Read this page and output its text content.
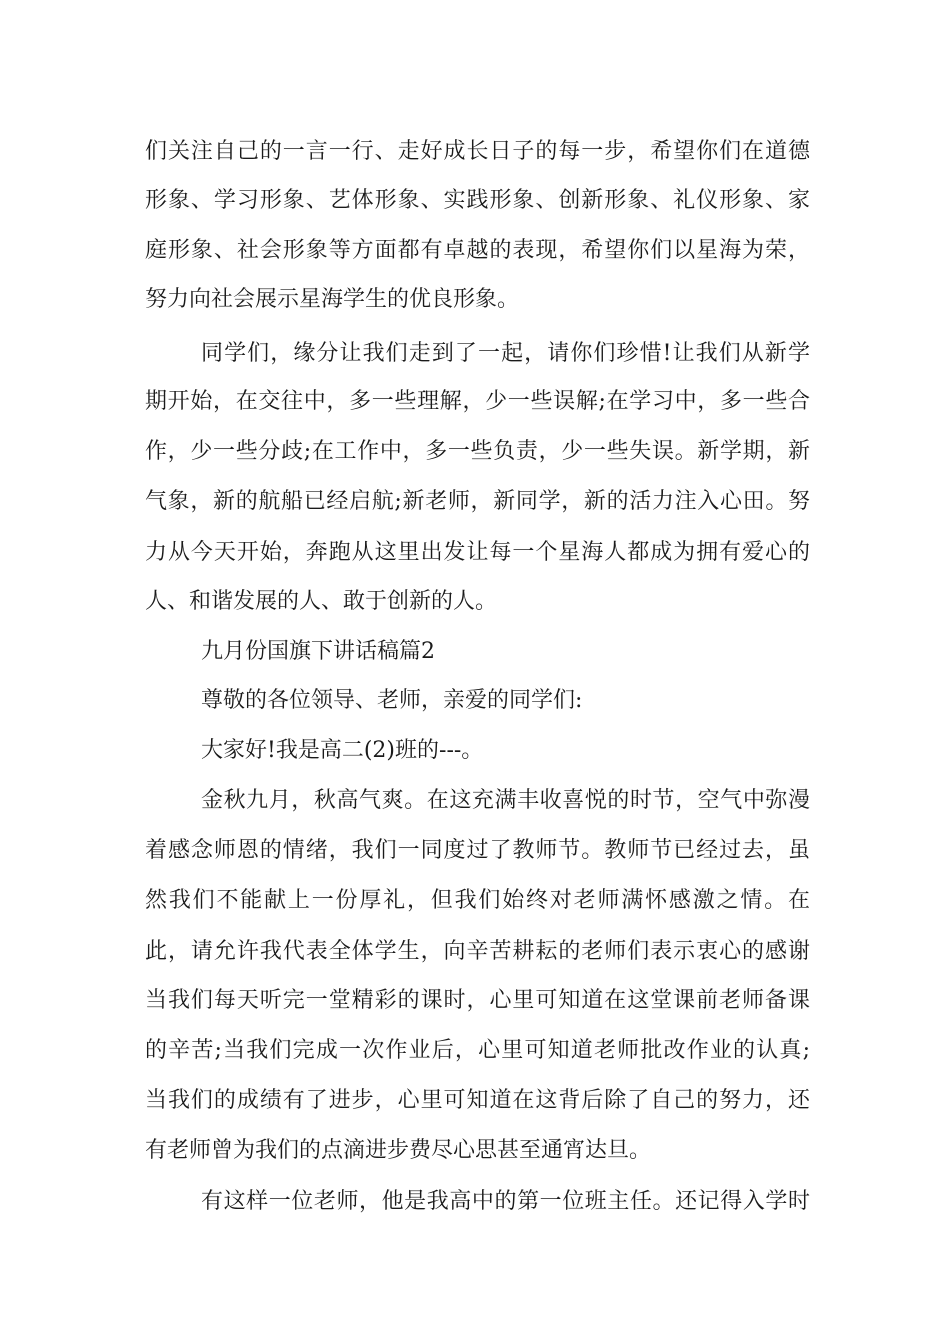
们关注自己的一言一行、走好成长日子的每一步，希望你们在道德
形象、学习形象、艺体形象、实践形象、创新形象、礼仪形象、家
庭形象、社会形象等方面都有卓越的表现，希望你们以星海为荣，
努力向社会展示星海学生的优良形象。
同学们，缘分让我们走到了一起，请你们珍惜!让我们从新学
期开始，在交往中，多一些理解，少一些误解;在学习中，多一些合
作，少一些分歧;在工作中，多一些负责，少一些失误。新学期，新
气象，新的航船已经启航;新老师，新同学，新的活力注入心田。努
力从今天开始，奔跑从这里出发让每一个星海人都成为拥有爱心的
人、和谐发展的人、敢于创新的人。
九月份国旗下讲话稿篇2
尊敬的各位领导、老师，亲爱的同学们:
大家好!我是高二(2)班的---。
金秋九月，秋高气爽。在这充满丰收喜悦的时节，空气中弥漫
着感念师恩的情绪，我们一同度过了教师节。教师节已经过去，虽
然我们不能献上一份厚礼，但我们始终对老师满怀感激之情。在
此，请允许我代表全体学生，向辛苦耕耘的老师们表示衷心的感谢
当我们每天听完一堂精彩的课时，心里可知道在这堂课前老师备课
的辛苦;当我们完成一次作业后，心里可知道老师批改作业的认真;
当我们的成绩有了进步，心里可知道在这背后除了自己的努力，还
有老师曾为我们的点滴进步费尽心思甚至通宵达旦。
有这样一位老师，他是我高中的第一位班主任。还记得入学时
